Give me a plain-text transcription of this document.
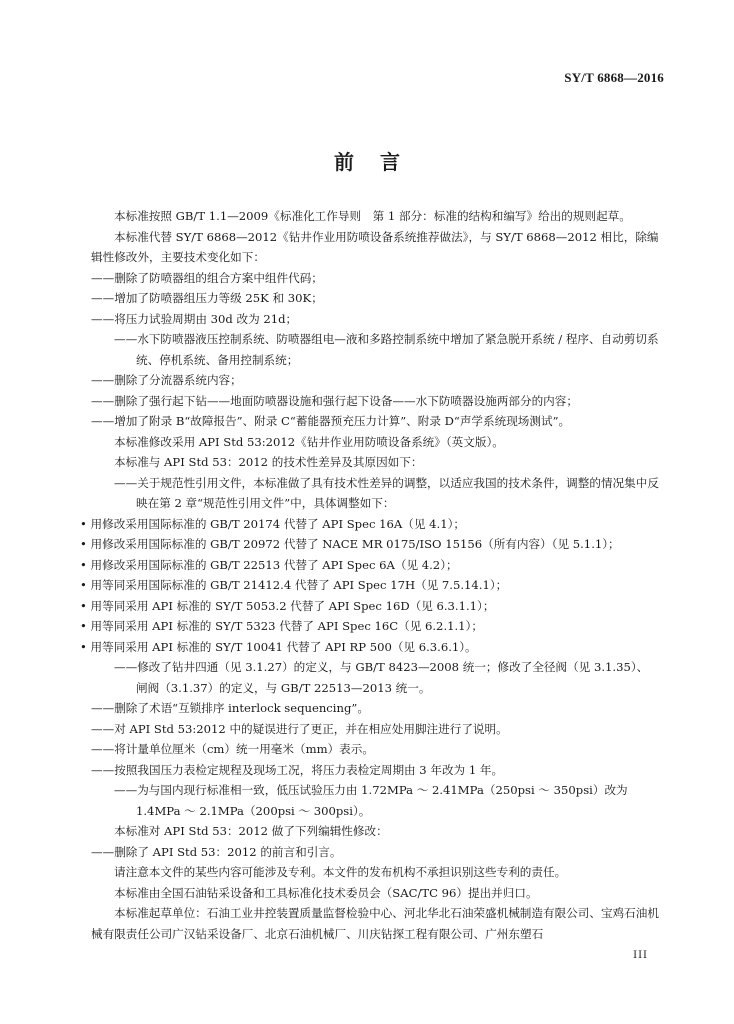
SY/T 6868—2016
前言

本标准按照 GB/T 1.1—2009《标准化工作导则　第 1 部分：标准的结构和编写》给出的规则起草。

本标准代替 SY/T 6868—2012《钻井作业用防喷设备系统推荐做法》，与 SY/T 6868—2012 相比，除编辑性修改外，主要技术变化如下：

——删除了防喷器组的组合方案中组件代码；

——增加了防喷器组压力等级 25K 和 30K；

——将压力试验周期由 30d 改为 21d；

——水下防喷器液压控制系统、防喷器组电—液和多路控制系统中增加了紧急脱开系统 / 程序、自动剪切系统、停机系统、备用控制系统；

——删除了分流器系统内容；

——删除了强行起下钻——地面防喷器设施和强行起下设备——水下防喷器设施两部分的内容；

——增加了附录 B“故障报告”、附录 C“蓄能器预充压力计算”、附录 D“声学系统现场测试”。

本标准修改采用 API Std 53:2012《钻井作业用防喷设备系统》（英文版）。

本标准与 API Std 53：2012 的技术性差异及其原因如下：

——关于规范性引用文件，本标准做了具有技术性差异的调整，以适应我国的技术条件，调整的情况集中反映在第 2 章“规范性引用文件”中，具体调整如下：

• 用修改采用国际标准的 GB/T 20174 代替了 API Spec 16A（见 4.1）；

• 用修改采用国际标准的 GB/T 20972 代替了 NACE MR 0175/ISO 15156（所有内容）（见 5.1.1）；

• 用修改采用国际标准的 GB/T 22513 代替了 API Spec 6A（见 4.2）；

• 用等同采用国际标准的 GB/T 21412.4 代替了 API Spec 17H（见 7.5.14.1）；

• 用等同采用 API 标准的 SY/T 5053.2 代替了 API Spec 16D（见 6.3.1.1）；

• 用等同采用 API 标准的 SY/T 5323 代替了 API Spec 16C（见 6.2.1.1）；

• 用等同采用 API 标准的 SY/T 10041 代替了 API RP 500（见 6.3.6.1）。

——修改了钻井四通（见 3.1.27）的定义，与 GB/T 8423—2008 统一；修改了全径阀（见 3.1.35）、闸阀（3.1.37）的定义，与 GB/T 22513—2013 统一。

——删除了术语“互锁排序 interlock sequencing”。

——对 API Std 53:2012 中的疑误进行了更正，并在相应处用脚注进行了说明。

——将计量单位厘米（cm）统一用毫米（mm）表示。

——按照我国压力表检定规程及现场工况，将压力表检定周期由 3 年改为 1 年。

——为与国内现行标准相一致，低压试验压力由 1.72MPa ～ 2.41MPa（250psi ～ 350psi）改为 1.4MPa ～ 2.1MPa（200psi ～ 300psi）。

本标准对 API Std 53：2012 做了下列编辑性修改：

——删除了 API Std 53：2012 的前言和引言。

请注意本文件的某些内容可能涉及专利。本文件的发布机构不承担识别这些专利的责任。

本标准由全国石油钻采设备和工具标准化技术委员会（SAC/TC 96）提出并归口。

本标准起草单位：石油工业井控装置质量监督检验中心、河北华北石油荣盛机械制造有限公司、宝鸡石油机械有限责任公司广汉钻采设备厂、北京石油机械厂、川庆钻探工程有限公司、广州东塑石

III
